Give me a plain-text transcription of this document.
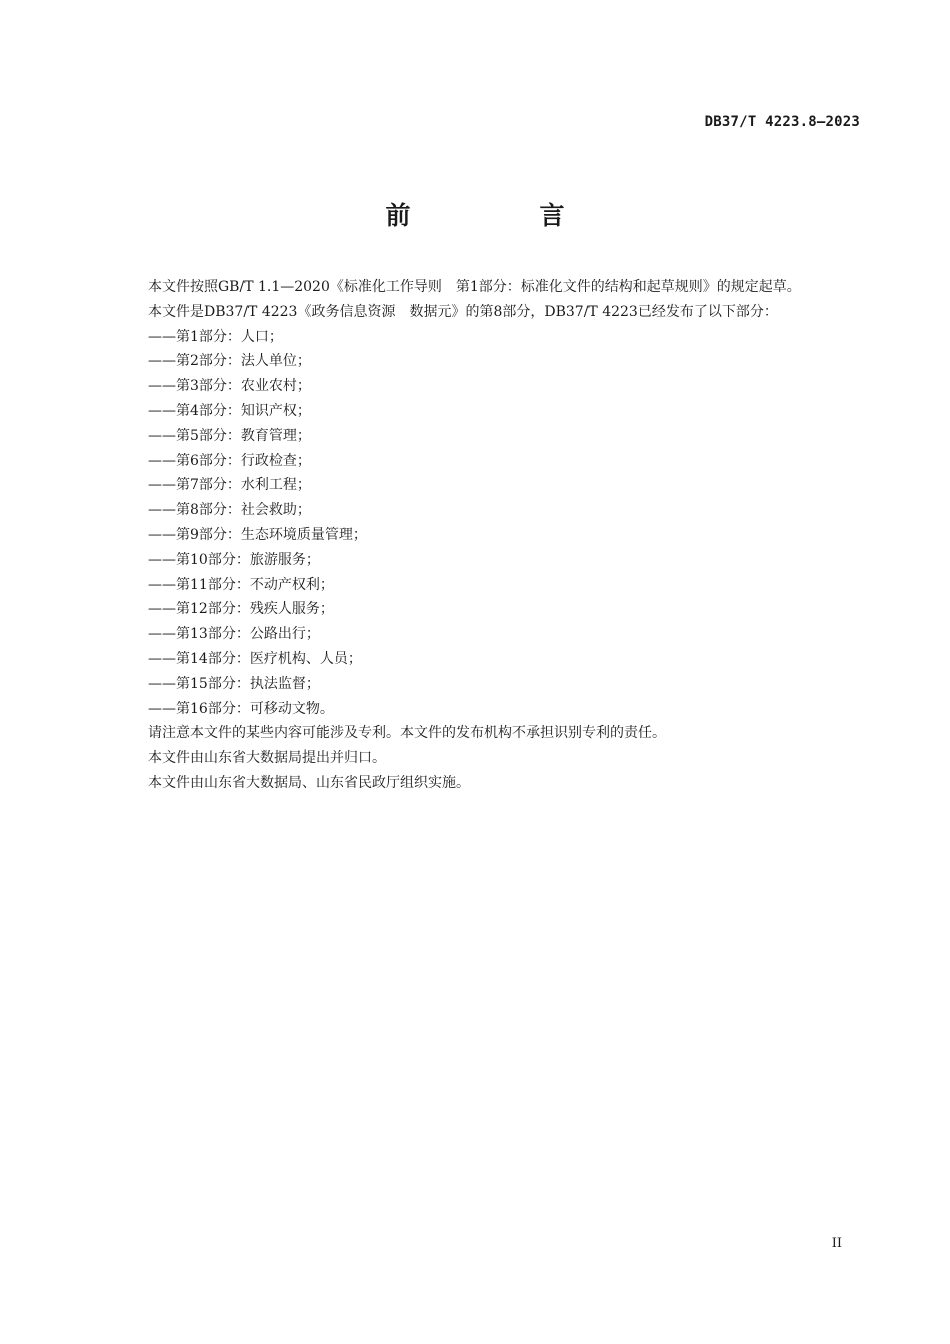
DB37/T 4223.8—2023
前　言

本文件按照GB/T 1.1—2020《标准化工作导则　第1部分：标准化文件的结构和起草规则》的规定起草。

本文件是DB37/T 4223《政务信息资源　数据元》的第8部分，DB37/T 4223已经发布了以下部分：

——第1部分：人口；

——第2部分：法人单位；

——第3部分：农业农村；

——第4部分：知识产权；

——第5部分：教育管理；

——第6部分：行政检查；

——第7部分：水利工程；

——第8部分：社会救助；

——第9部分：生态环境质量管理；

——第10部分：旅游服务；

——第11部分：不动产权利；

——第12部分：残疾人服务；

——第13部分：公路出行；

——第14部分：医疗机构、人员；

——第15部分：执法监督；

——第16部分：可移动文物。

请注意本文件的某些内容可能涉及专利。本文件的发布机构不承担识别专利的责任。

本文件由山东省大数据局提出并归口。

本文件由山东省大数据局、山东省民政厅组织实施。

II
